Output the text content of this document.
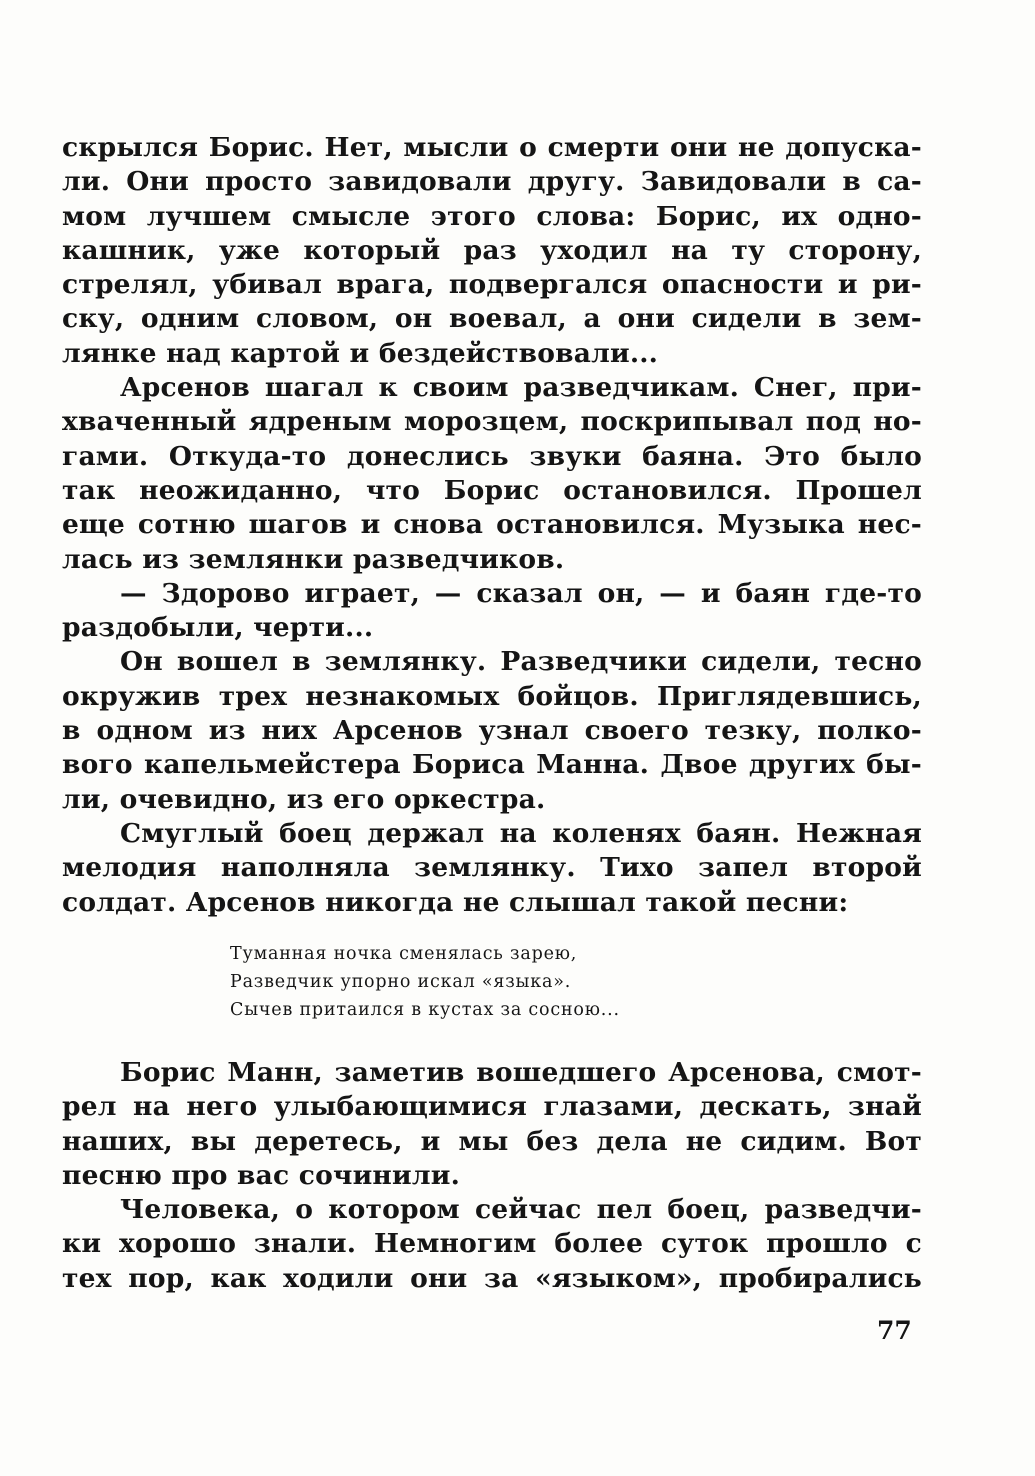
скрылся Борис. Нет, мысли о смерти они не допуска-
ли. Они просто завидовали другу. Завидовали в са-
мом лучшем смысле этого слова: Борис, их одно-
кашник, уже который раз уходил на ту сторону,
стрелял, убивал врага, подвергался опасности и ри-
ску, одним словом, он воевал, а они сидели в зем-
лянке над картой и бездействовали...
Арсенов шагал к своим разведчикам. Снег, при-
хваченный ядреным морозцем, поскрипывал под но-
гами. Откуда-то донеслись звуки баяна. Это было
так неожиданно, что Борис остановился. Прошел
еще сотню шагов и снова остановился. Музыка нес-
лась из землянки разведчиков.
— Здорово играет, — сказал он, — и баян где-то
раздобыли, черти...
Он вошел в землянку. Разведчики сидели, тесно
окружив трех незнакомых бойцов. Приглядевшись,
в одном из них Арсенов узнал своего тезку, полко-
вого капельмейстера Бориса Манна. Двое других бы-
ли, очевидно, из его оркестра.
Смуглый боец держал на коленях баян. Нежная
мелодия наполняла землянку. Тихо запел второй
солдат. Арсенов никогда не слышал такой песни:
Туманная ночка сменялась зарею,
Разведчик упорно искал «языка».
Сычев притаился в кустах за сосною...
Борис Манн, заметив вошедшего Арсенова, смот-
рел на него улыбающимися глазами, дескать, знай
наших, вы деретесь, и мы без дела не сидим. Вот
песню про вас сочинили.
Человека, о котором сейчас пел боец, разведчи-
ки хорошо знали. Немногим более суток прошло с
тех пор, как ходили они за «языком», пробирались
77
